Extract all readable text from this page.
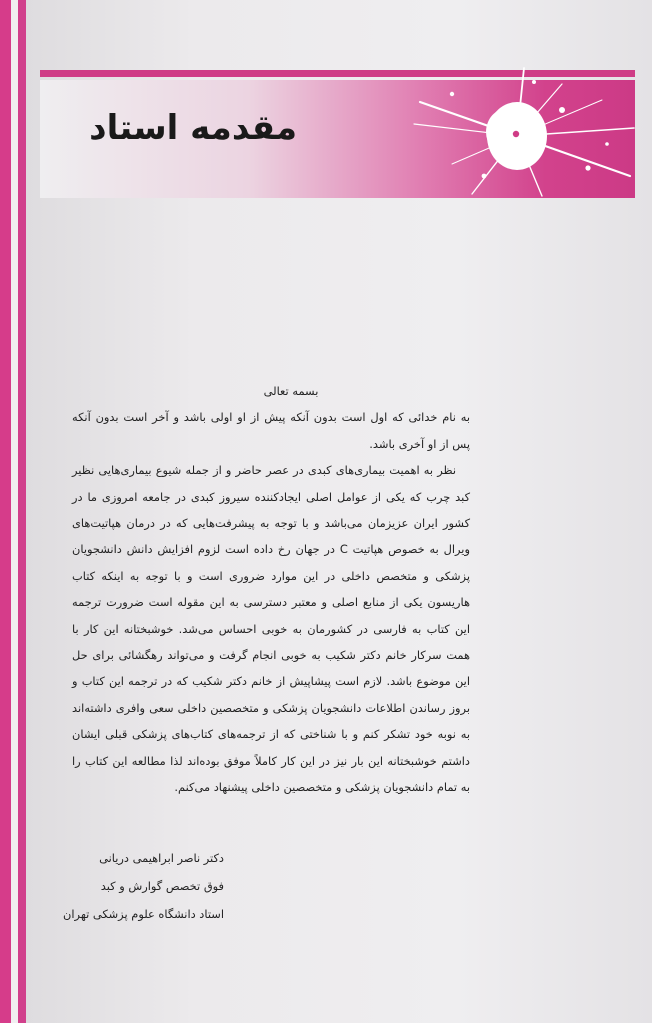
مقدمه استاد

بسمه تعالی

به نام خدائی که اول است بدون آنکه پیش از او اولی باشد و آخر است بدون آنکه پس از او آخری باشد.

نظر به اهمیت بیماری‌های کبدی در عصر حاضر و از جمله شیوع بیماری‌هایی نظیر کبد چرب که یکی از عوامل اصلی ایجادکننده سیروز کبدی در جامعه امروزی ما در کشور ایران عزیزمان می‌باشد و با توجه به پیشرفت‌هایی که در درمان هپاتیت‌های ویرال به خصوص هپاتیت C در جهان رخ داده است لزوم افزایش دانش دانشجویان پزشکی و متخصص داخلی در این موارد ضروری است و با توجه به اینکه کتاب هاریسون یکی از منابع اصلی و معتبر دسترسی به این مقوله است ضرورت ترجمه این کتاب به فارسی در کشورمان به خوبی احساس می‌شد. خوشبختانه این کار با همت سرکار خانم دکتر شکیب به خوبی انجام گرفت و می‌تواند رهگشائی برای حل این موضوع باشد. لازم است پیشاپیش از خانم دکتر شکیب که در ترجمه این کتاب و بروز رساندن اطلاعات دانشجویان پزشکی و متخصصین داخلی سعی وافری داشته‌اند به نوبه خود تشکر کنم و با شناختی که از ترجمه‌های کتاب‌های پزشکی قبلی ایشان داشتم خوشبختانه این بار نیز در این کار کاملاً موفق بوده‌اند لذا مطالعه این کتاب را به تمام دانشجویان پزشکی و متخصصین داخلی پیشنهاد می‌کنم.

دکتر ناصر ابراهیمی دریانی
فوق تخصص گوارش و کبد
استاد دانشگاه علوم پزشکی تهران
